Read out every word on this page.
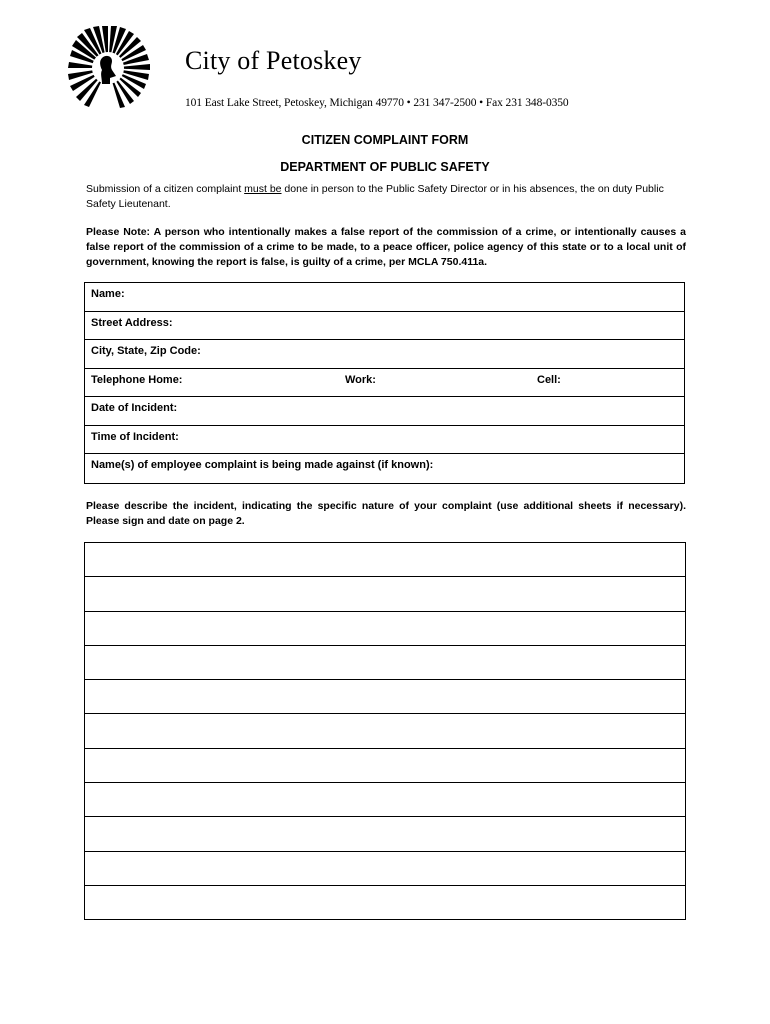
City of Petoskey
101 East Lake Street, Petoskey, Michigan 49770 • 231 347-2500 • Fax 231 348-0350
CITIZEN COMPLAINT FORM
DEPARTMENT OF PUBLIC SAFETY
Submission of a citizen complaint must be done in person to the Public Safety Director or in his absences, the on duty Public Safety Lieutenant.
Please Note: A person who intentionally makes a false report of the commission of a crime, or intentionally causes a false report of the commission of a crime to be made, to a peace officer, police agency of this state or to a local unit of government, knowing the report is false, is guilty of a crime, per MCLA 750.411a.
Name:
Street Address:
City, State, Zip Code:
Telephone Home:	Work:	Cell:
Date of Incident:
Time of Incident:
Name(s) of employee complaint is being made against (if known):
Please describe the incident, indicating the specific nature of your complaint (use additional sheets if necessary). Please sign and date on page 2.
